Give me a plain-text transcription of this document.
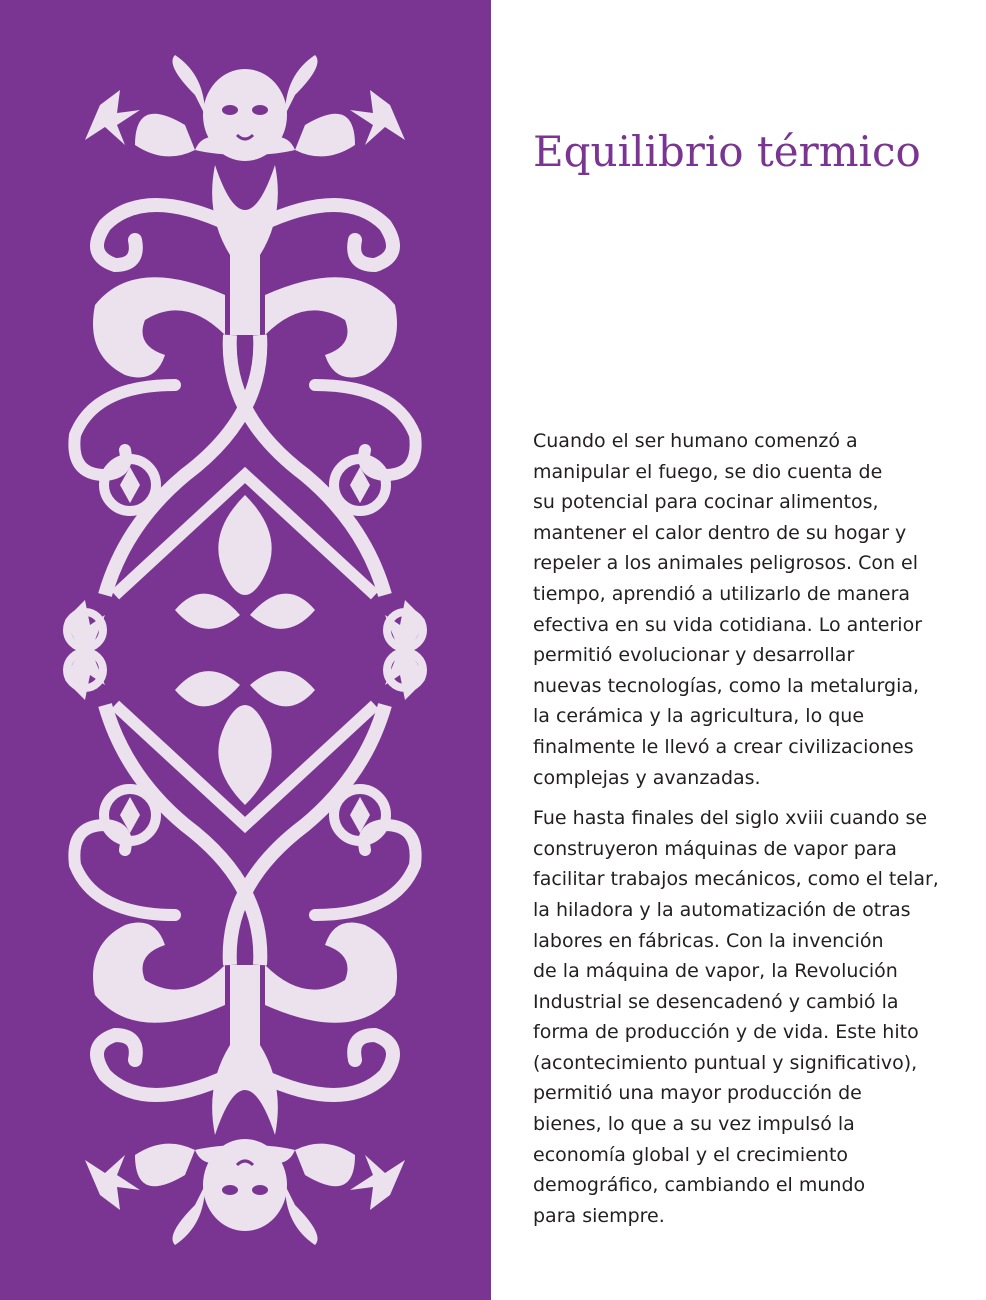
Equilibrio térmico

Cuando el ser humano comenzó a
manipular el fuego, se dio cuenta de
su potencial para cocinar alimentos,
mantener el calor dentro de su hogar y
repeler a los animales peligrosos. Con el
tiempo, aprendió a utilizarlo de manera
efectiva en su vida cotidiana. Lo anterior
permitió evolucionar y desarrollar
nuevas tecnologías, como la metalurgia,
la cerámica y la agricultura, lo que
finalmente le llevó a crear civilizaciones
complejas y avanzadas.

Fue hasta finales del siglo xviii cuando se
construyeron máquinas de vapor para
facilitar trabajos mecánicos, como el telar,
la hiladora y la automatización de otras
labores en fábricas. Con la invención
de la máquina de vapor, la Revolución
Industrial se desencadenó y cambió la
forma de producción y de vida. Este hito
(acontecimiento puntual y significativo),
permitió una mayor producción de
bienes, lo que a su vez impulsó la
economía global y el crecimiento
demográfico, cambiando el mundo
para siempre.
